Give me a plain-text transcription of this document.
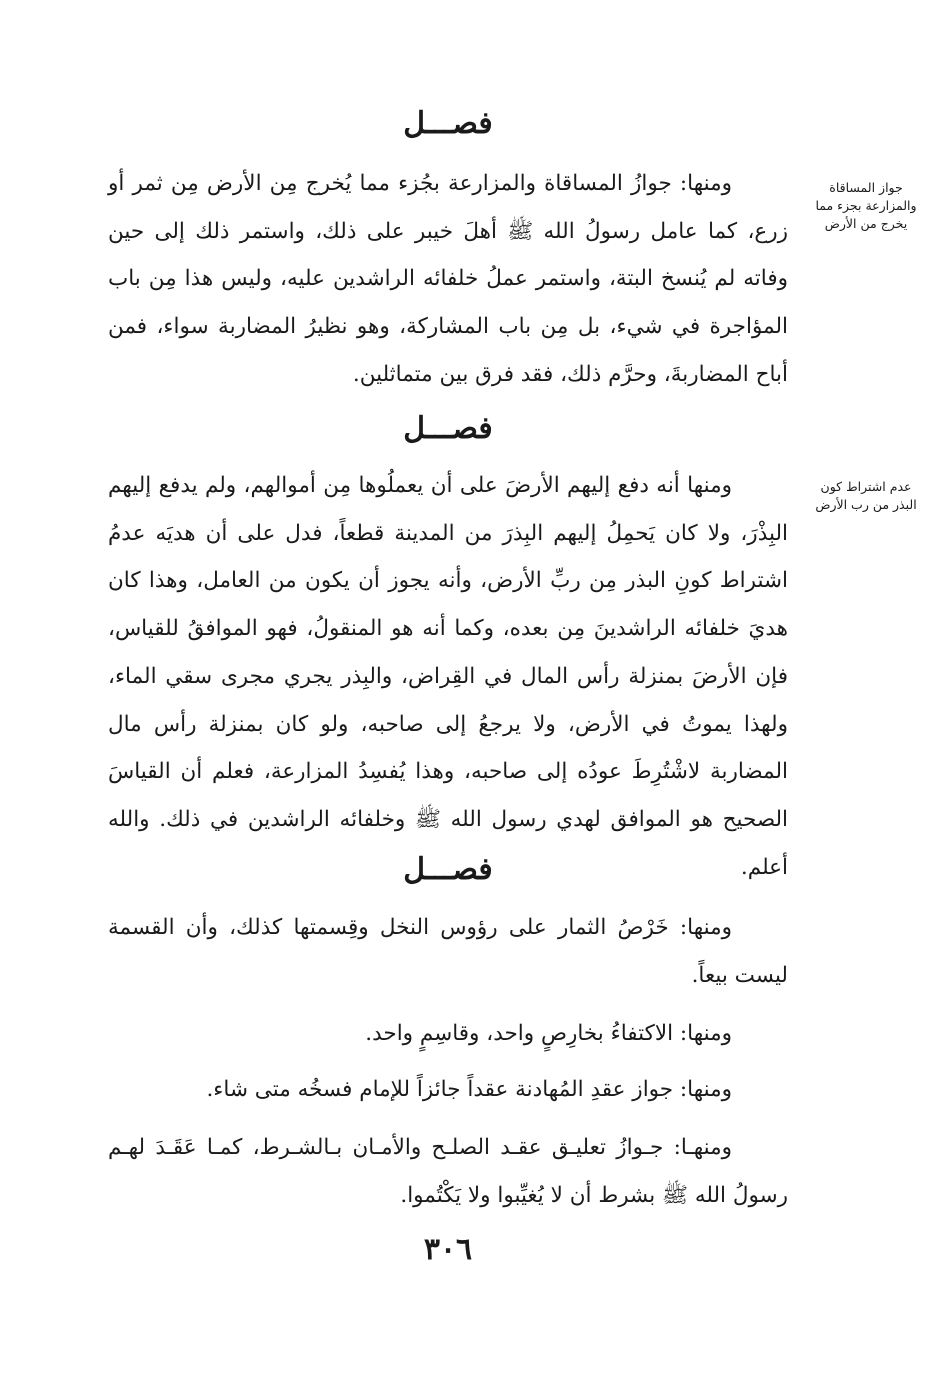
فصـــل
جواز المساقاة والمزارعة بجزء مما يخرج من الأرض

ومنها: جوازُ المساقاة والمزارعة بجُزء مما يُخرج مِن الأرض مِن ثمر أو زرع، كما عامل رسولُ الله ﷺ أهلَ خيبر على ذلك، واستمر ذلك إلى حين وفاته لم يُنسخ البتة، واستمر عملُ خلفائه الراشدين عليه، وليس هذا مِن باب المؤاجرة في شيء، بل مِن باب المشاركة، وهو نظيرُ المضاربة سواء، فمن أباح المضاربةَ، وحرَّم ذلك، فقد فرق بين متماثلين.

فصـــل
عدم اشتراط كون البذر من رب الأرض

ومنها أنه دفع إليهم الأرضَ على أن يعملُوها مِن أموالهم، ولم يدفع إليهم البِذْرَ، ولا كان يَحمِلُ إليهم البِذرَ من المدينة قطعاً، فدل على أن هديَه عدمُ اشتراط كونِ البذر مِن ربِّ الأرض، وأنه يجوز أن يكون من العامل، وهذا كان هديَ خلفائه الراشدينَ مِن بعده، وكما أنه هو المنقولُ، فهو الموافقُ للقياس، فإن الأرضَ بمنزلة رأس المال في القِراض، والبِذر يجري مجرى سقي الماء، ولهذا يموتُ في الأرض، ولا يرجعُ إلى صاحبه، ولو كان بمنزلة رأس مال المضاربة لاشْتُرِطَ عودُه إلى صاحبه، وهذا يُفسِدُ المزارعة، فعلم أن القياسَ الصحيح هو الموافق لهدي رسول الله ﷺ وخلفائه الراشدين في ذلك. والله أعلم.

فصـــل

ومنها: خَرْصُ الثمار على رؤوس النخل وقِسمتها كذلك، وأن القسمة ليست بيعاً.

ومنها: الاكتفاءُ بخارِصٍ واحد، وقاسِمٍ واحد.

ومنها: جواز عقدِ المُهادنة عقداً جائزاً للإمام فسخُه متى شاء.

ومنهـا: جـوازُ تعليـق عقـد الصلـح والأمـان بـالشـرط، كمـا عَقَـدَ لهـم رسولُ الله ﷺ بشرط أن لا يُغيِّبوا ولا يَكْتُموا.

٣٠٦
